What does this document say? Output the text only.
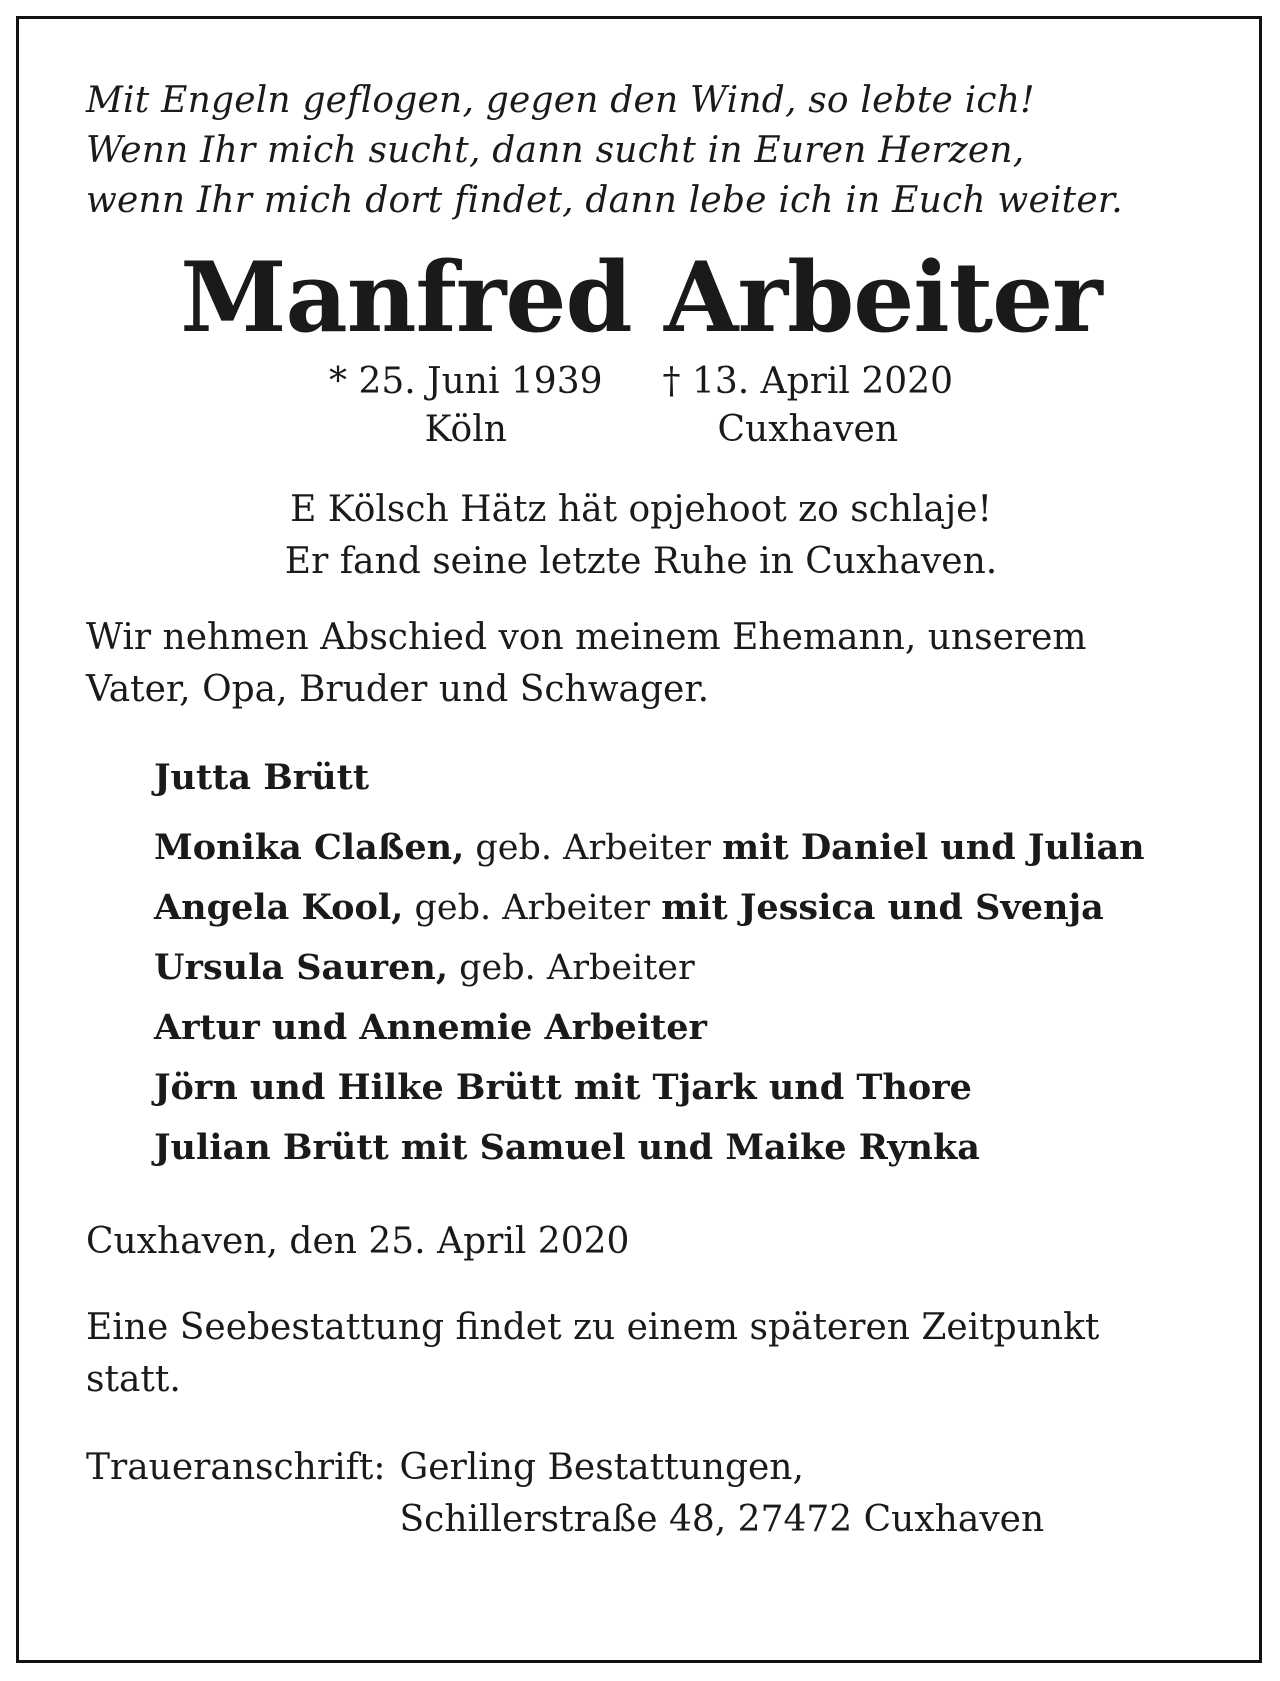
Mit Engeln geflogen, gegen den Wind, so lebte ich!
Wenn Ihr mich sucht, dann sucht in Euren Herzen,
wenn Ihr mich dort findet, dann lebe ich in Euch weiter.
Manfred Arbeiter
* 25. Juni 1939
Köln
† 13. April 2020
Cuxhaven
E Kölsch Hätz hät opjehoot zo schlaje!
Er fand seine letzte Ruhe in Cuxhaven.
Wir nehmen Abschied von meinem Ehemann, unserem Vater, Opa, Bruder und Schwager.
Jutta Brütt
Monika Claßen, geb. Arbeiter mit Daniel und Julian
Angela Kool, geb. Arbeiter mit Jessica und Svenja
Ursula Sauren, geb. Arbeiter
Artur und Annemie Arbeiter
Jörn und Hilke Brütt mit Tjark und Thore
Julian Brütt mit Samuel und Maike Rynka
Cuxhaven, den 25. April 2020
Eine Seebestattung findet zu einem späteren Zeitpunkt statt.
Traueranschrift: Gerling Bestattungen,
Schillerstraße 48, 27472 Cuxhaven
